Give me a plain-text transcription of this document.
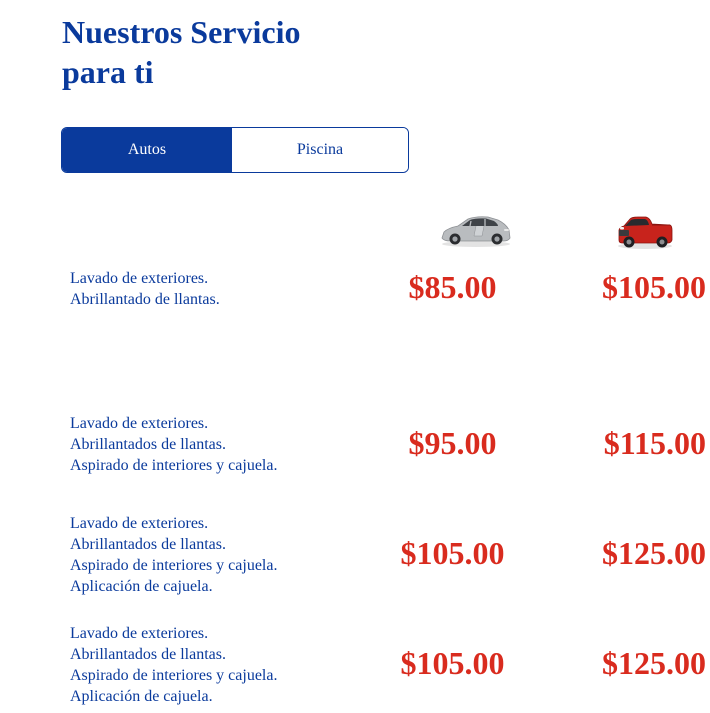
Nuestros Servicio
para ti
Autos	Piscina
Lavado de exteriores.
Abrillantado de llantas.	$85.00	$105.00
Lavado de exteriores.
Abrillantados de llantas.
Aspirado de interiores y cajuela.
$95.00	$115.00
Lavado de exteriores.
Abrillantados de llantas.
Aspirado de interiores y cajuela.
Aplicación de cajuela.
$105.00	$125.00
Lavado de exteriores.
Abrillantados de llantas.
Aspirado de interiores y cajuela.
Aplicación de cajuela.
$105.00	$125.00
